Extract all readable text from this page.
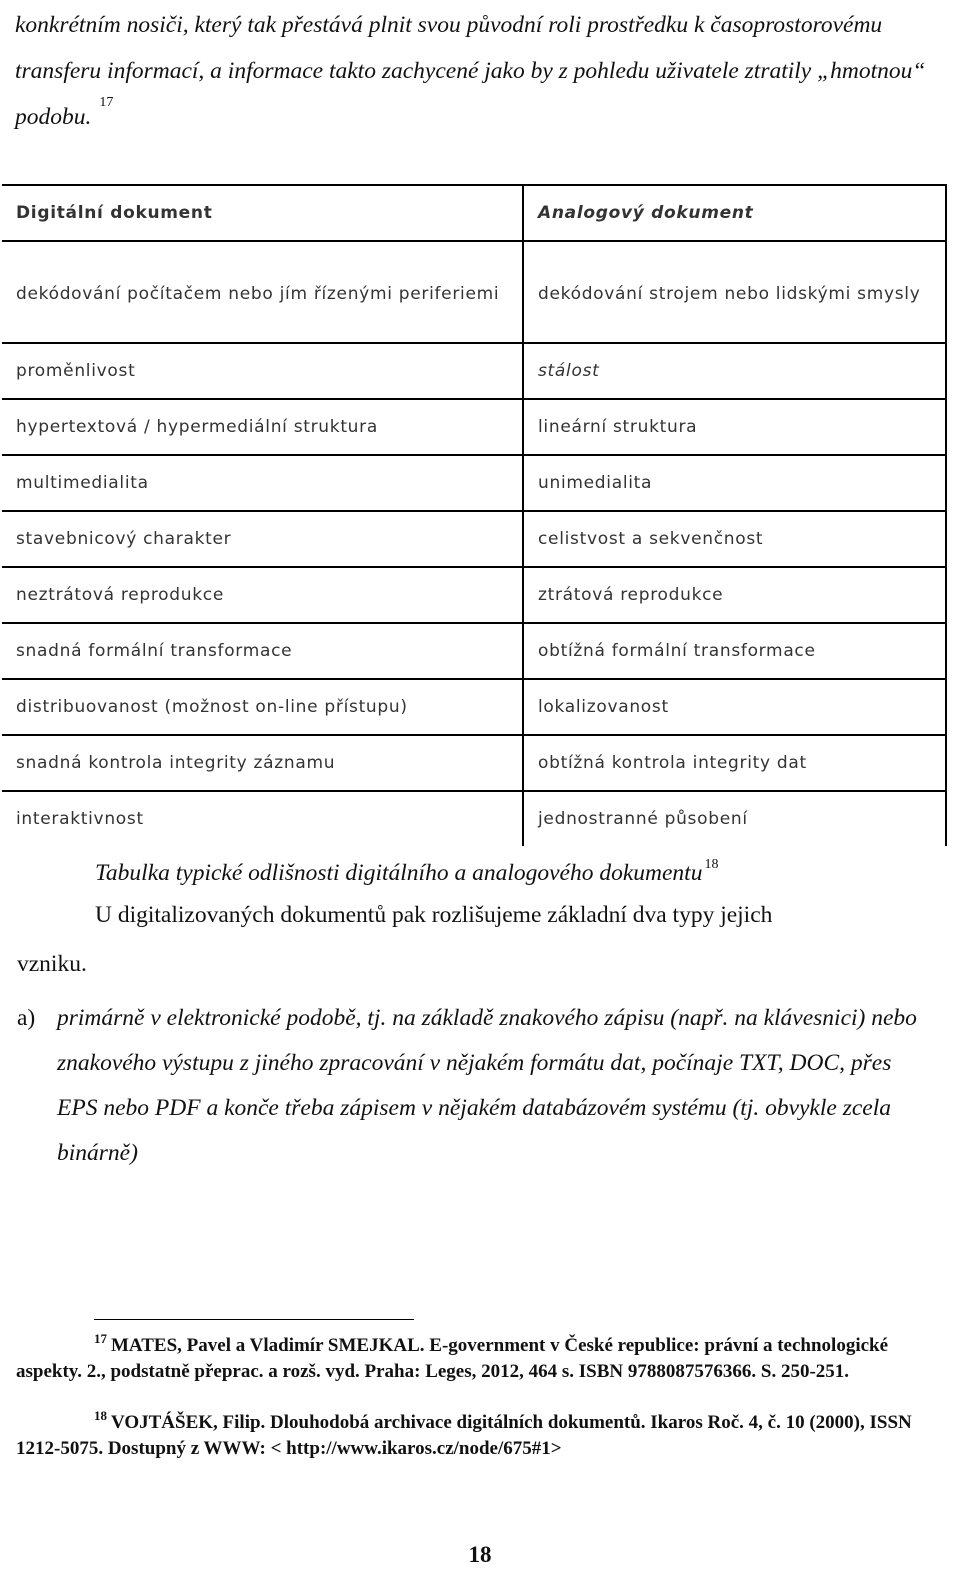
konkrétním nosiči, který tak přestává plnit svou původní roli prostředku k časoprostorovému transferu informací, a informace takto zachycené jako by z pohledu uživatele ztratily „hmotnou“ podobu.$^{17}$

Digitální dokument	Analogový dokument
dekódování počítačem nebo jím řízenými periferiemi	dekódování strojem nebo lidskými smysly
proměnlivost	stálost
hypertextová / hypermediální struktura	lineární struktura
multimedialita	unimedialita
stavebnicový charakter	celistvost a sekvenčnost
neztrátová reprodukce	ztrátová reprodukce
snadná formální transformace	obtížná formální transformace
distribuovanost (možnost on-line přístupu)	lokalizovanost
snadná kontrola integrity záznamu	obtížná kontrola integrity dat
interaktivnost	jednostranné působení

Tabulka typické odlišnosti digitálního a analogového dokumentu $^{18}$

U digitalizovaných dokumentů pak rozlišujeme základní dva typy jejich

vzniku.

a) primárně v elektronické podobě, tj. na základě znakového zápisu (např. na klávesnici) nebo znakového výstupu z jiného zpracování v nějakém formátu dat, počínaje TXT, DOC, přes EPS nebo PDF a konče třeba zápisem v nějakém databázovém systému (tj. obvykle zcela binárně)

$^{17}$ MATES, Pavel a Vladimír SMEJKAL. E-government v České republice: právní a technologické aspekty. 2., podstatně přeprac. a rozš. vyd. Praha: Leges, 2012, 464 s. ISBN 9788087576366. S. 250-251.

$^{18}$ VOJTÁŠEK, Filip. Dlouhodobá archivace digitálních dokumentů. Ikaros Roč. 4, č. 10 (2000), ISSN 1212-5075. Dostupný z WWW: < http://www.ikaros.cz/node/675#1>

18
